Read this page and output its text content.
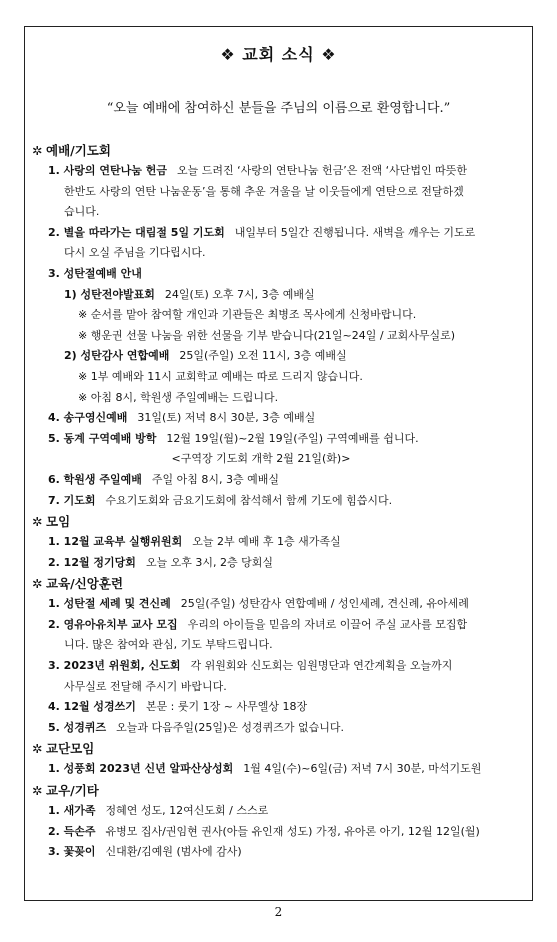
❖ 교회 소식 ❖
“오늘 예배에 참여하신 분들을 주님의 이름으로 환영합니다.”
✲ 예배/기도회
1. 사랑의 연탄나눔 헌금 오늘 드려진 ‘사랑의 연탄나눔 헌금’은 전액 ‘사단법인 따뜻한
한반도 사랑의 연탄 나눔운동’을 통해 추운 겨울을 날 이웃들에게 연탄으로 전달하겠
습니다.
2. 별을 따라가는 대림절 5일 기도회 내일부터 5일간 진행됩니다. 새벽을 깨우는 기도로
다시 오실 주님을 기다립시다.
3. 성탄절예배 안내
1) 성탄전야발표회 24일(토) 오후 7시, 3층 예배실
※ 순서를 맡아 참여할 개인과 기관들은 최병조 목사에게 신청바랍니다.
※ 행운권 선물 나눔을 위한 선물을 기부 받습니다(21일~24일 / 교회사무실로)
2) 성탄감사 연합예배 25일(주일) 오전 11시, 3층 예배실
※ 1부 예배와 11시 교회학교 예배는 따로 드리지 않습니다.
※ 아침 8시, 학원생 주일예배는 드립니다.
4. 송구영신예배 31일(토) 저녁 8시 30분, 3층 예배실
5. 동계 구역예배 방학 12월 19일(월)~2월 19일(주일) 구역예배를 쉽니다.
<구역장 기도회 개학 2월 21일(화)>
6. 학원생 주일예배 주일 아침 8시, 3층 예배실
7. 기도회 수요기도회와 금요기도회에 참석해서 함께 기도에 힘씁시다.
✲ 모임
1. 12월 교육부 실행위원회 오늘 2부 예배 후 1층 새가족실
2. 12월 정기당회 오늘 오후 3시, 2층 당회실
✲ 교육/신앙훈련
1. 성탄절 세례 및 견신례 25일(주일) 성탄감사 연합예배 / 성인세례, 견신례, 유아세례
2. 영유아유치부 교사 모집 우리의 아이들을 믿음의 자녀로 이끌어 주실 교사를 모집합
니다. 많은 참여와 관심, 기도 부탁드립니다.
3. 2023년 위원회, 신도회 각 위원회와 신도회는 임원명단과 연간계획을 오늘까지
사무실로 전달해 주시기 바랍니다.
4. 12월 성경쓰기 본문 : 룻기 1장 ~ 사무엘상 18장
5. 성경퀴즈 오늘과 다음주일(25일)은 성경퀴즈가 없습니다.
✲ 교단모임
1. 성풍회 2023년 신년 알파산상성회 1월 4일(수)~6일(금) 저녁 7시 30분, 마석기도원
✲ 교우/기타
1. 새가족 정혜연 성도, 12여신도회 / 스스로
2. 득손주 유병모 집사/권임현 권사(아들 유인재 성도) 가정, 유아론 아기, 12월 12일(월)
3. 꽃꽂이 신대환/김예원 (범사에 감사)
2
